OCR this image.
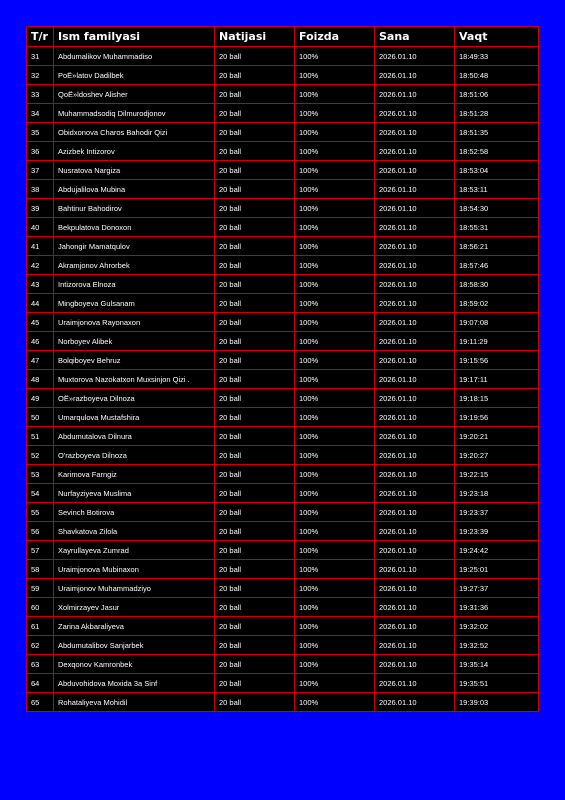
T/r	Ism familyasi	Natijasi	Foizda	Sana	Vaqt
31	Abdumalikov Muhammadiso	20 ball	100%	2026.01.10	18:49:33
32	PoЁ»latov Dadilbek	20 ball	100%	2026.01.10	18:50:48
33	QoЁ»ldoshev Alisher	20 ball	100%	2026.01.10	18:51:06
34	Muhammadsodiq Dilmurodjonov	20 ball	100%	2026.01.10	18:51:28
35	Obidxonova Charos Bahodir Qizi	20 ball	100%	2026.01.10	18:51:35
36	Azizbek Intizorov	20 ball	100%	2026.01.10	18:52:58
37	Nusratova Nargiza	20 ball	100%	2026.01.10	18:53:04
38	Abdujalilova Mubina	20 ball	100%	2026.01.10	18:53:11
39	Bahtinur Bahodirov	20 ball	100%	2026.01.10	18:54:30
40	Bekpulatova Donoxon	20 ball	100%	2026.01.10	18:55:31
41	Jahongir Mamatqulov	20 ball	100%	2026.01.10	18:56:21
42	Akramjonov Ahrorbek	20 ball	100%	2026.01.10	18:57:46
43	Intizorova Elnoza	20 ball	100%	2026.01.10	18:58:30
44	Mingboyeva Gulsanam	20 ball	100%	2026.01.10	18:59:02
45	Uraimjonova Rayonaxon	20 ball	100%	2026.01.10	19:07:08
46	Norboyev Alibek	20 ball	100%	2026.01.10	19:11:29
47	Bolqiboyev Behruz	20 ball	100%	2026.01.10	19:15:56
48	Muxtorova Nazokatxon Muxsinjon Qizi .	20 ball	100%	2026.01.10	19:17:11
49	OЁ»razboyeva Dilnoza	20 ball	100%	2026.01.10	19:18:15
50	Umarqulova Mustafshira	20 ball	100%	2026.01.10	19:19:56
51	Abdumutalova Dilnura	20 ball	100%	2026.01.10	19:20:21
52	O'razboyeva Dilnoza	20 ball	100%	2026.01.10	19:20:27
53	Karimova Farngiz	20 ball	100%	2026.01.10	19:22:15
54	Nurfayziyeva Muslima	20 ball	100%	2026.01.10	19:23:18
55	Sevinch Botirova	20 ball	100%	2026.01.10	19:23:37
56	Shavkatova Zilola	20 ball	100%	2026.01.10	19:23:39
57	Xayrullayeva Zumrad	20 ball	100%	2026.01.10	19:24:42
58	Uraimjonova Mubinaxon	20 ball	100%	2026.01.10	19:25:01
59	Uraimjonov Muhammadziyo	20 ball	100%	2026.01.10	19:27:37
60	Xolmirzayev Jasur	20 ball	100%	2026.01.10	19:31:36
61	Zarina Akbaraliyeva	20 ball	100%	2026.01.10	19:32:02
62	Abdumutalibov Sanjarbek	20 ball	100%	2026.01.10	19:32:52
63	Dexqonov Kamronbek	20 ball	100%	2026.01.10	19:35:14
64	Abduvohidova Moxida 3a Sinf	20 ball	100%	2026.01.10	19:35:51
65	Rohataliyeva Mohidil	20 ball	100%	2026.01.10	19:39:03
